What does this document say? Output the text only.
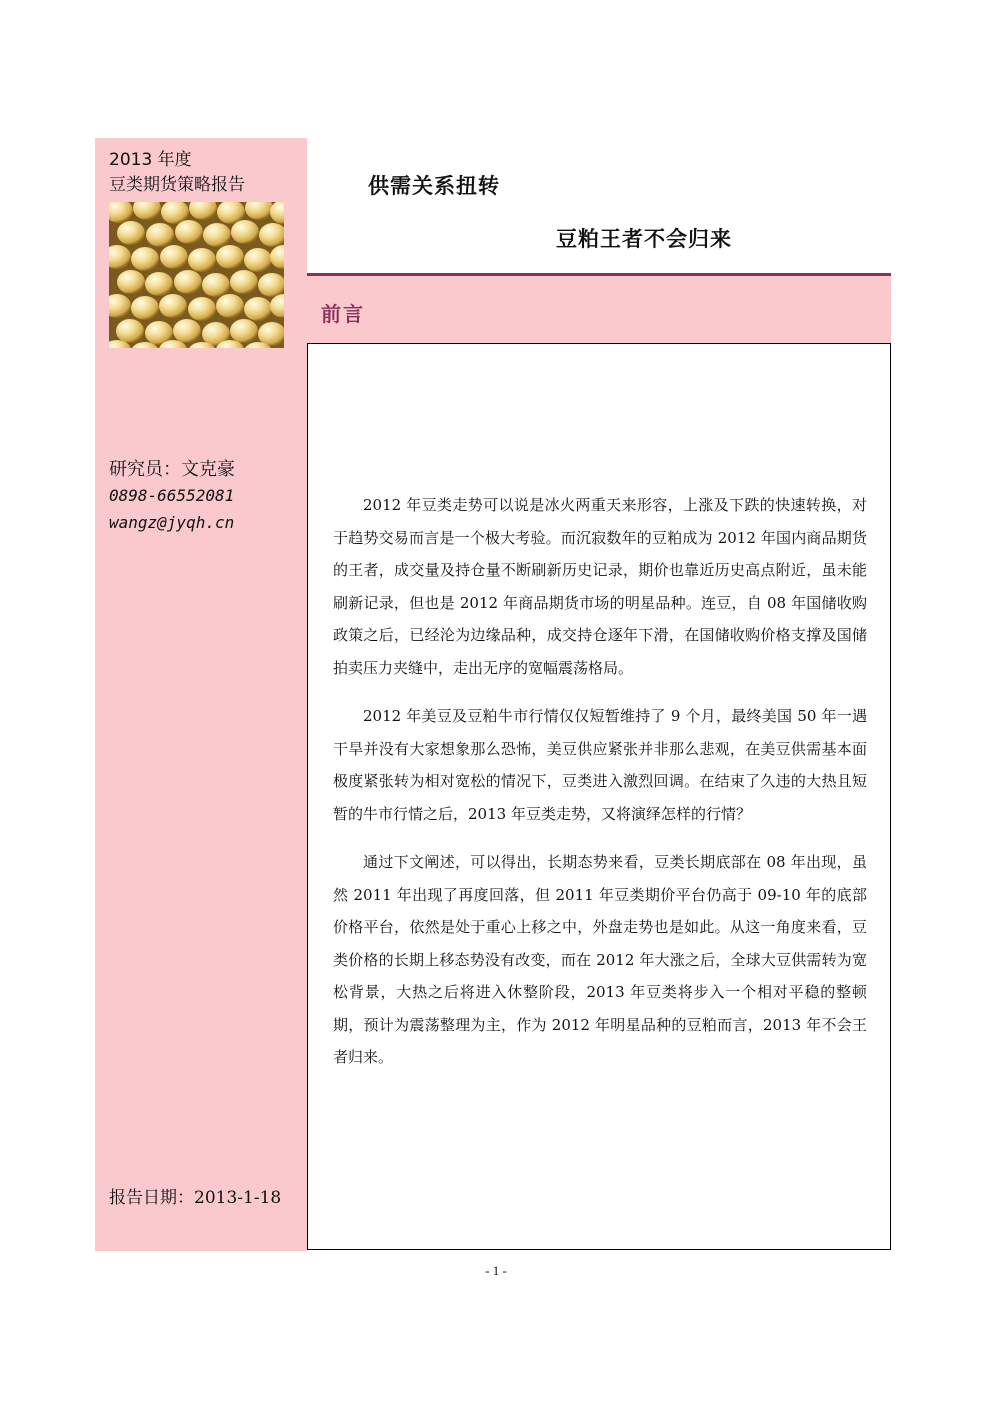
2013 年度
豆类期货策略报告
研究员：文克豪
0898-66552081
wangz@jyqh.cn
报告日期：2013-1-18
供需关系扭转
豆粕王者不会归来
前言

2012 年豆类走势可以说是冰火两重天来形容，上涨及下跌的快速转换，对于趋势交易而言是一个极大考验。而沉寂数年的豆粕成为 2012 年国内商品期货的王者，成交量及持仓量不断刷新历史记录，期价也靠近历史高点附近，虽未能刷新记录，但也是 2012 年商品期货市场的明星品种。连豆，自 08 年国储收购政策之后，已经沦为边缘品种，成交持仓逐年下滑，在国储收购价格支撑及国储拍卖压力夹缝中，走出无序的宽幅震荡格局。

2012 年美豆及豆粕牛市行情仅仅短暂维持了 9 个月，最终美国 50 年一遇干旱并没有大家想象那么恐怖，美豆供应紧张并非那么悲观，在美豆供需基本面极度紧张转为相对宽松的情况下，豆类进入激烈回调。在结束了久违的大热且短暂的牛市行情之后，2013 年豆类走势，又将演绎怎样的行情？

通过下文阐述，可以得出，长期态势来看，豆类长期底部在 08 年出现，虽然 2011 年出现了再度回落，但 2011 年豆类期价平台仍高于 09-10 年的底部价格平台，依然是处于重心上移之中，外盘走势也是如此。从这一角度来看，豆类价格的长期上移态势没有改变，而在 2012 年大涨之后，全球大豆供需转为宽松背景，大热之后将进入休整阶段，2013 年豆类将步入一个相对平稳的整顿期，预计为震荡整理为主，作为 2012 年明星品种的豆粕而言，2013 年不会王者归来。

- 1 -
